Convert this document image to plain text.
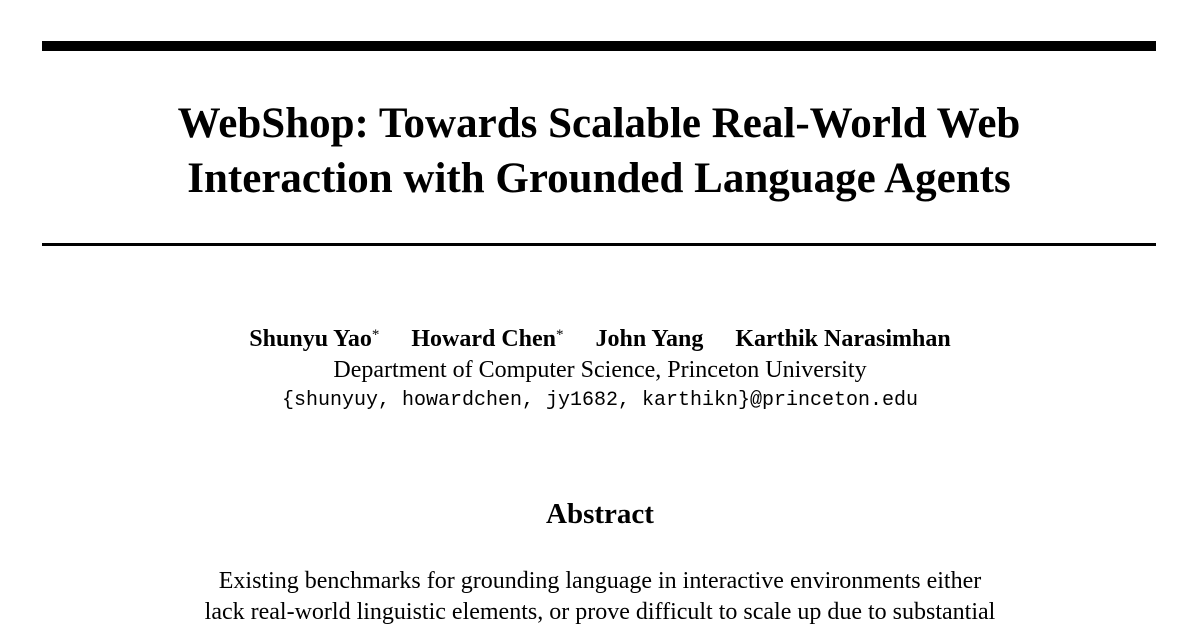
WebShop: Towards Scalable Real-World Web
Interaction with Grounded Language Agents
Shunyu Yao* Howard Chen* John Yang Karthik Narasimhan
Department of Computer Science, Princeton University
{shunyuy, howardchen, jy1682, karthikn}@princeton.edu
Abstract
Existing benchmarks for grounding language in interactive environments either
lack real-world linguistic elements, or prove difficult to scale up due to substantial
